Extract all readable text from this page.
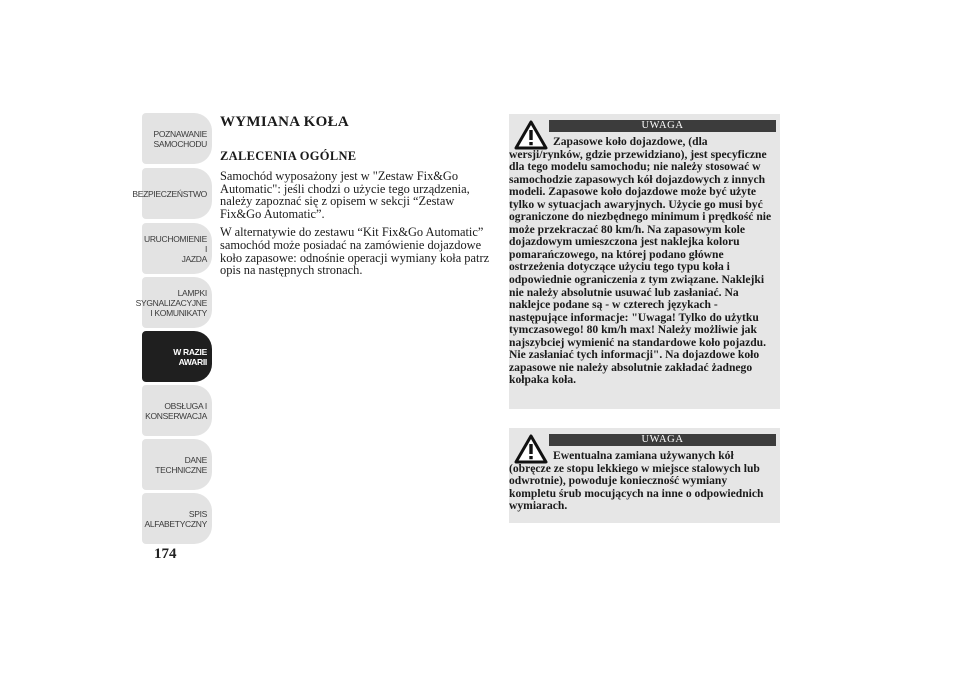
POZNAWANIE
SAMOCHODU
BEZPIECZEŃSTWO
URUCHOMIENIE I
JAZDA
LAMPKI
SYGNALIZACYJNE
I KOMUNIKATY
W RAZIE AWARII
OBSŁUGA I
KONSERWACJA
DANE
TECHNICZNE
SPIS
ALFABETYCZNY
174
WYMIANA KOŁA
ZALECENIA OGÓLNE

Samochód wyposażony jest w "Zestaw Fix&Go Automatic": jeśli chodzi o użycie tego urządzenia, należy zapoznać się z opisem w sekcji “Zestaw Fix&Go Automatic”.

W alternatywie do zestawu “Kit Fix&Go Automatic” samochód może posiadać na zamówienie dojazdowe koło zapasowe: odnośnie operacji wymiany koła patrz opis na następnych stronach.

UWAGA
Zapasowe koło dojazdowe, (dla wersji/rynków, gdzie przewidziano), jest specyficzne dla tego modelu samochodu; nie należy stosować w samochodzie zapasowych kół dojazdowych z innych modeli. Zapasowe koło dojazdowe może być użyte tylko w sytuacjach awaryjnych. Użycie go musi być ograniczone do niezbędnego minimum i prędkość nie może przekraczać 80 km/h. Na zapasowym kole dojazdowym umieszczona jest naklejka koloru pomarańczowego, na której podano główne ostrzeżenia dotyczące użyciu tego typu koła i odpowiednie ograniczenia z tym związane. Naklejki nie należy absolutnie usuwać lub zasłaniać. Na naklejce podane są - w czterech językach - następujące informacje: "Uwaga! Tylko do użytku tymczasowego! 80 km/h max! Należy możliwie jak najszybciej wymienić na standardowe koło pojazdu. Nie zasłaniać tych informacji". Na dojazdowe koło zapasowe nie należy absolutnie zakładać żadnego kołpaka koła.
UWAGA
Ewentualna zamiana używanych kół (obręcze ze stopu lekkiego w miejsce stalowych lub odwrotnie), powoduje konieczność wymiany kompletu śrub mocujących na inne o odpowiednich wymiarach.
